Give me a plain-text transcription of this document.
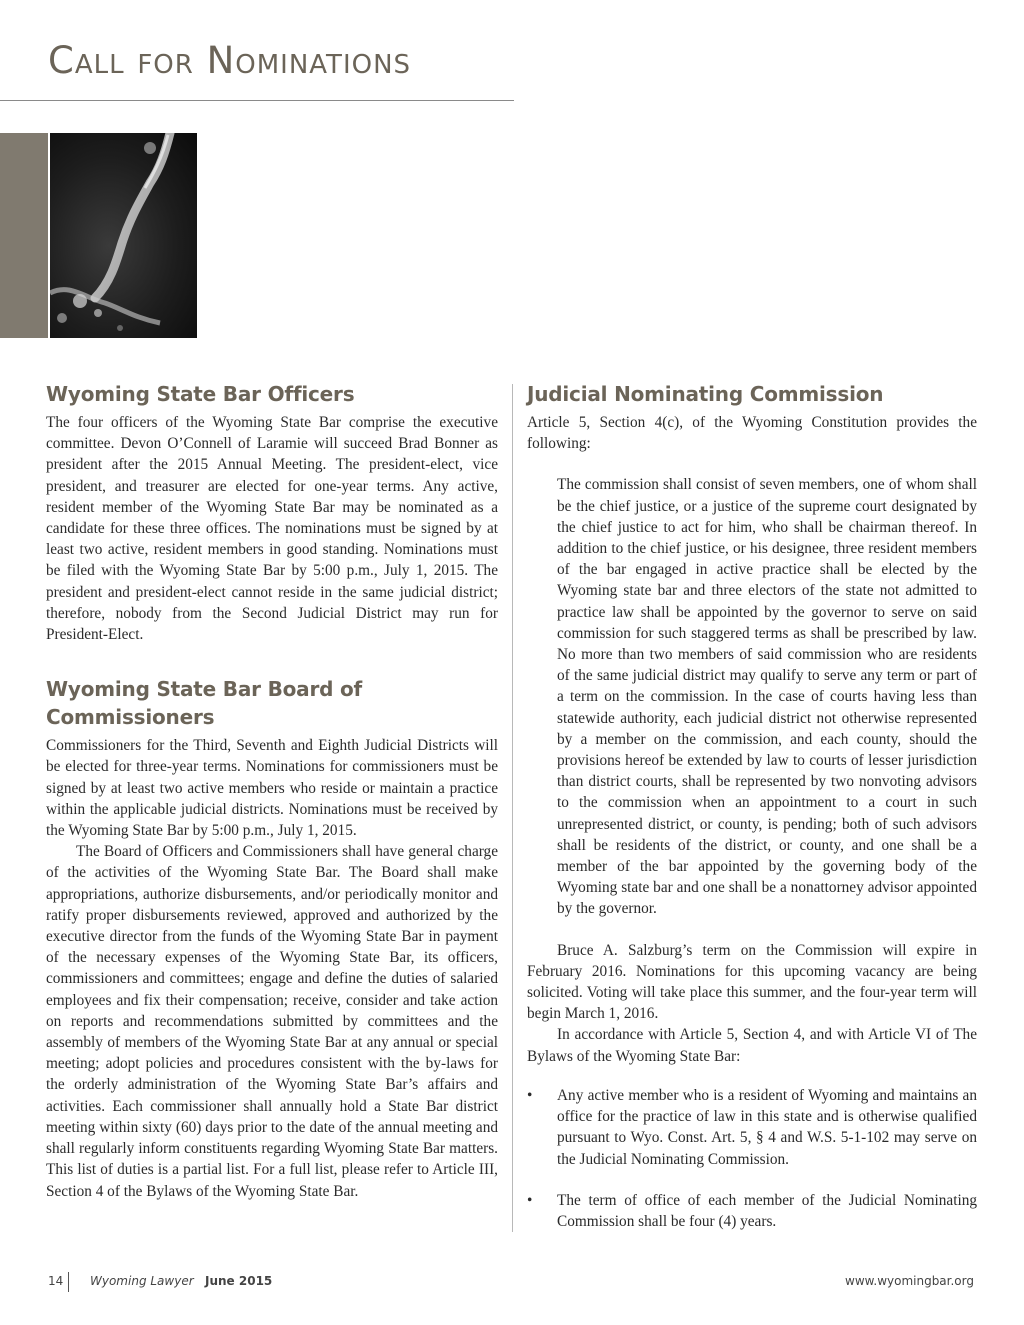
Call for Nominations
Wyoming State Bar Officers

The four officers of the Wyoming State Bar comprise the executive committee. Devon O’Connell of Laramie will succeed Brad Bonner as president after the 2015 Annual Meeting. The president-elect, vice president, and treasurer are elected for one-year terms. Any active, resident member of the Wyoming State Bar may be nominated as a candidate for these three offices. The nominations must be signed by at least two active, resident members in good standing. Nominations must be filed with the Wyoming State Bar by 5:00 p.m., July 1, 2015. The president and president-elect cannot reside in the same judicial district; therefore, nobody from the Second Judicial District may run for President-Elect.

Wyoming State Bar Board of Commissioners

Commissioners for the Third, Seventh and Eighth Judicial Districts will be elected for three-year terms. Nominations for commissioners must be signed by at least two active members who reside or maintain a practice within the applicable judicial districts. Nominations must be received by the Wyoming State Bar by 5:00 p.m., July 1, 2015.

The Board of Officers and Commissioners shall have general charge of the activities of the Wyoming State Bar. The Board shall make appropriations, authorize disbursements, and/or periodically monitor and ratify proper disbursements reviewed, approved and authorized by the executive director from the funds of the Wyoming State Bar in payment of the necessary expenses of the Wyoming State Bar, its officers, commissioners and committees; engage and define the duties of salaried employees and fix their compensation; receive, consider and take action on reports and recommendations submitted by committees and the assembly of members of the Wyoming State Bar at any annual or special meeting; adopt policies and procedures consistent with the by-laws for the orderly administration of the Wyoming State Bar’s affairs and activities. Each commissioner shall annually hold a State Bar district meeting within sixty (60) days prior to the date of the annual meeting and shall regularly inform constituents regarding Wyoming State Bar matters. This list of duties is a partial list. For a full list, please refer to Article III, Section 4 of the Bylaws of the Wyoming State Bar.

Judicial Nominating Commission

Article 5, Section 4(c), of the Wyoming Constitution provides the following:

The commission shall consist of seven members, one of whom shall be the chief justice, or a justice of the supreme court designated by the chief justice to act for him, who shall be chairman thereof. In addition to the chief justice, or his designee, three resident members of the bar engaged in active practice shall be elected by the Wyoming state bar and three electors of the state not admitted to practice law shall be appointed by the governor to serve on said commission for such staggered terms as shall be prescribed by law. No more than two members of said commission who are residents of the same judicial district may qualify to serve any term or part of a term on the commission. In the case of courts having less than statewide authority, each judicial district not otherwise represented by a member on the commission, and each county, should the provisions hereof be extended by law to courts of lesser jurisdiction than district courts, shall be represented by two nonvoting advisors to the commission when an appointment to a court in such unrepresented district, or county, is pending; both of such advisors shall be residents of the district, or county, and one shall be a member of the bar appointed by the governing body of the Wyoming state bar and one shall be a nonattorney advisor appointed by the governor.

Bruce A. Salzburg’s term on the Commission will expire in February 2016. Nominations for this upcoming vacancy are being solicited. Voting will take place this summer, and the four-year term will begin March 1, 2016.

In accordance with Article 5, Section 4, and with Article VI of The Bylaws of the Wyoming State Bar:

•	Any active member who is a resident of Wyoming and maintains an office for the practice of law in this state and is otherwise qualified pursuant to Wyo. Const. Art. 5, § 4 and W.S. 5-1-102 may serve on the Judicial Nominating Commission.
•	The term of office of each member of the Judicial Nominating Commission shall be four (4) years.
14 Wyoming Lawyer June 2015	www.wyomingbar.org
